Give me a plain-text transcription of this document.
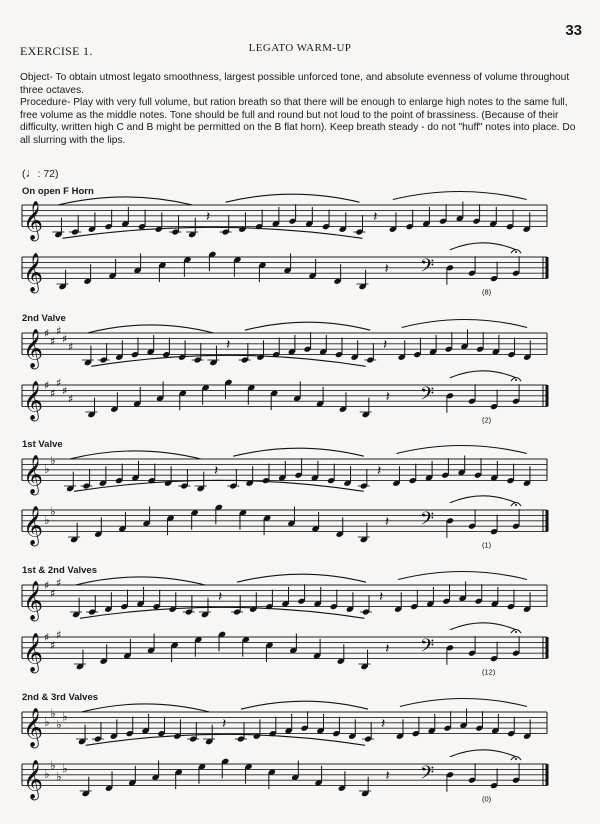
33
EXERCISE 1.	LEGATO WARM-UP

Object- To obtain utmost legato smoothness, largest possible unforced tone, and absolute evenness of volume throughout three octaves.

Procedure- Play with very full volume, but ration breath so that there will be enough to enlarge high notes to the same full, free volume as the middle notes. Tone should be full and round but not loud to the point of brassiness. (Because of their difficulty, written high C and B might be permitted on the B flat horn). Keep breath steady - do not "huff" notes into place. Do all slurring with the lips.

(♩: 72)
On open F Horn
2nd Valve
1st Valve
1st & 2nd Valves
2nd & 3rd Valves
𝄞	𝄽	𝄽
𝄞	𝄽 𝄢
(8)
𝄞 ♯
♯
♯
♯
♯	𝄽	𝄽
𝄞 ♯
♯
♯
♯
♯	𝄽 𝄢
(2)
𝄞 ♭
♭
𝄽	𝄽
𝄞 ♭
♭
𝄽 𝄢
(1)
𝄞 ♯
♯
♯
𝄽	𝄽
𝄞 ♯
♯
♯
𝄽 𝄢
(12)
𝄞 ♭
♭
♭
♭	𝄽	𝄽
𝄞 ♭
♭
♭
♭	𝄽 𝄢
(0)
